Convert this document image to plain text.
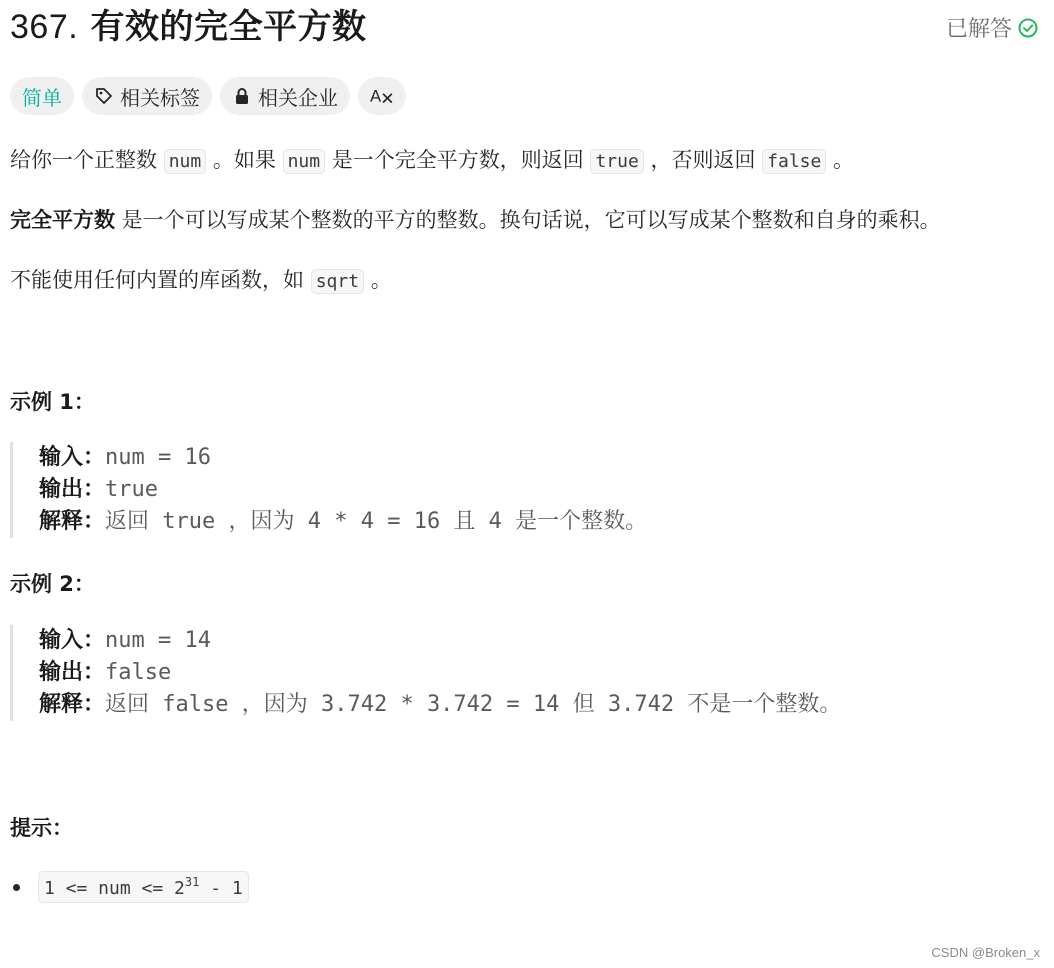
367. 有效的完全平方数	已解答
简单	相关标签	相关企业 A
给你一个正整数 num 。如果 num 是一个完全平方数，则返回 true ，否则返回 false 。
完全平方数 是一个可以写成某个整数的平方的整数。换句话说，它可以写成某个整数和自身的乘积。
不能使用任何内置的库函数，如 sqrt 。
示例 1：
输入：num = 16
输出：true
解释：返回 true ，因为 4 * 4 = 16 且 4 是一个整数。
示例 2：
输入：num = 14
输出：false
解释：返回 false ，因为 3.742 * 3.742 = 14 但 3.742 不是一个整数。
提示：
1 <= num <= $2^{31} - 1$
CSDN @Broken_x
